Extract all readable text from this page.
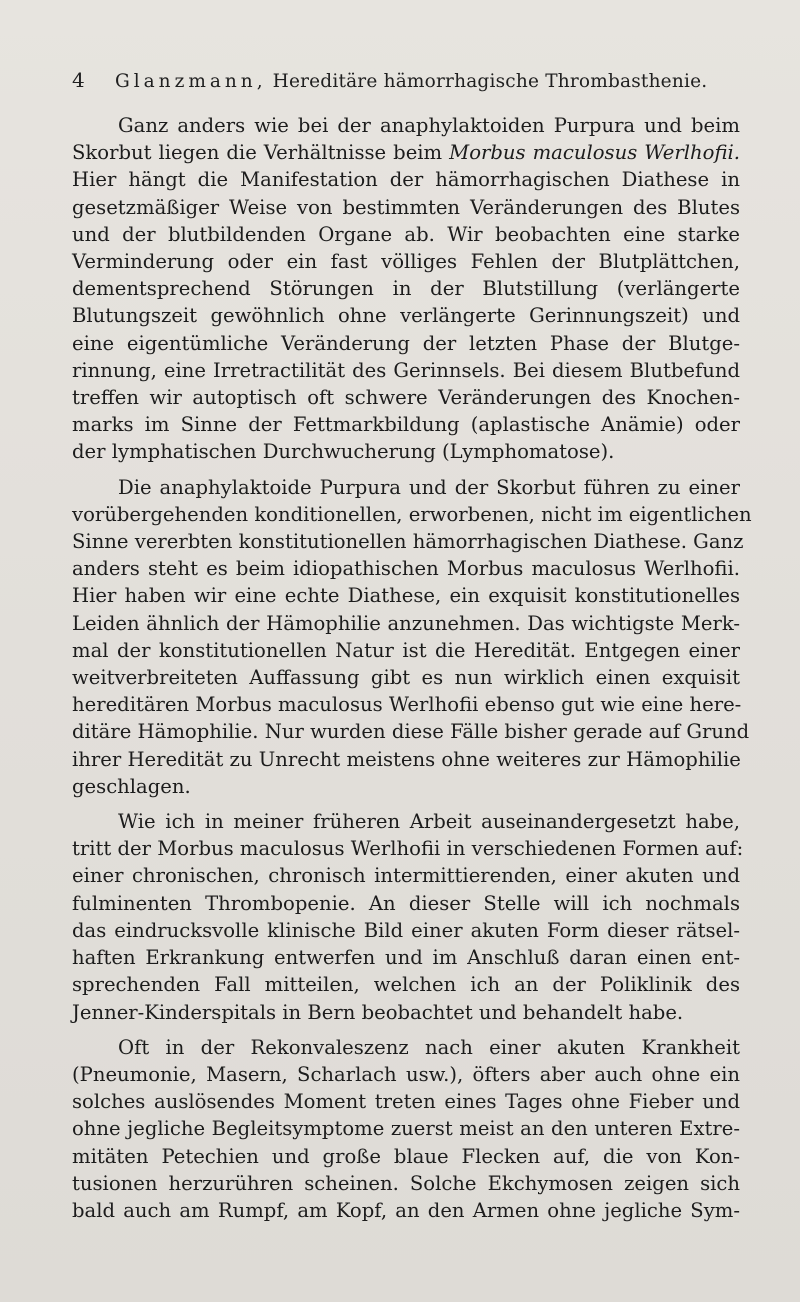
4 Glanzmann, Hereditäre hämorrhagische Thrombasthenie.

Ganz anders wie bei der anaphylaktoiden Purpura und beim
Skorbut liegen die Verhältnisse beim Morbus maculosus Werlhofii.
Hier hängt die Manifestation der hämorrhagischen Diathese in
gesetzmäßiger Weise von bestimmten Veränderungen des Blutes
und der blutbildenden Organe ab. Wir beobachten eine starke
Verminderung oder ein fast völliges Fehlen der Blutplättchen,
dementsprechend Störungen in der Blutstillung (verlängerte
Blutungszeit gewöhnlich ohne verlängerte Gerinnungszeit) und
eine eigentümliche Veränderung der letzten Phase der Blutge-
rinnung, eine Irretractilität des Gerinnsels. Bei diesem Blutbefund
treffen wir autoptisch oft schwere Veränderungen des Knochen-
marks im Sinne der Fettmarkbildung (aplastische Anämie) oder
der lymphatischen Durchwucherung (Lymphomatose).

Die anaphylaktoide Purpura und der Skorbut führen zu einer
vorübergehenden konditionellen, erworbenen, nicht im eigentlichen
Sinne vererbten konstitutionellen hämorrhagischen Diathese. Ganz
anders steht es beim idiopathischen Morbus maculosus Werlhofii.
Hier haben wir eine echte Diathese, ein exquisit konstitutionelles
Leiden ähnlich der Hämophilie anzunehmen. Das wichtigste Merk-
mal der konstitutionellen Natur ist die Heredität. Entgegen einer
weitverbreiteten Auffassung gibt es nun wirklich einen exquisit
hereditären Morbus maculosus Werlhofii ebenso gut wie eine here-
ditäre Hämophilie. Nur wurden diese Fälle bisher gerade auf Grund
ihrer Heredität zu Unrecht meistens ohne weiteres zur Hämophilie
geschlagen.

Wie ich in meiner früheren Arbeit auseinandergesetzt habe,
tritt der Morbus maculosus Werlhofii in verschiedenen Formen auf:
einer chronischen, chronisch intermittierenden, einer akuten und
fulminenten Thrombopenie. An dieser Stelle will ich nochmals
das eindrucksvolle klinische Bild einer akuten Form dieser rätsel-
haften Erkrankung entwerfen und im Anschluß daran einen ent-
sprechenden Fall mitteilen, welchen ich an der Poliklinik des
Jenner-Kinderspitals in Bern beobachtet und behandelt habe.

Oft in der Rekonvaleszenz nach einer akuten Krankheit
(Pneumonie, Masern, Scharlach usw.), öfters aber auch ohne ein
solches auslösendes Moment treten eines Tages ohne Fieber und
ohne jegliche Begleitsymptome zuerst meist an den unteren Extre-
mitäten Petechien und große blaue Flecken auf, die von Kon-
tusionen herzurühren scheinen. Solche Ekchymosen zeigen sich
bald auch am Rumpf, am Kopf, an den Armen ohne jegliche Sym-
